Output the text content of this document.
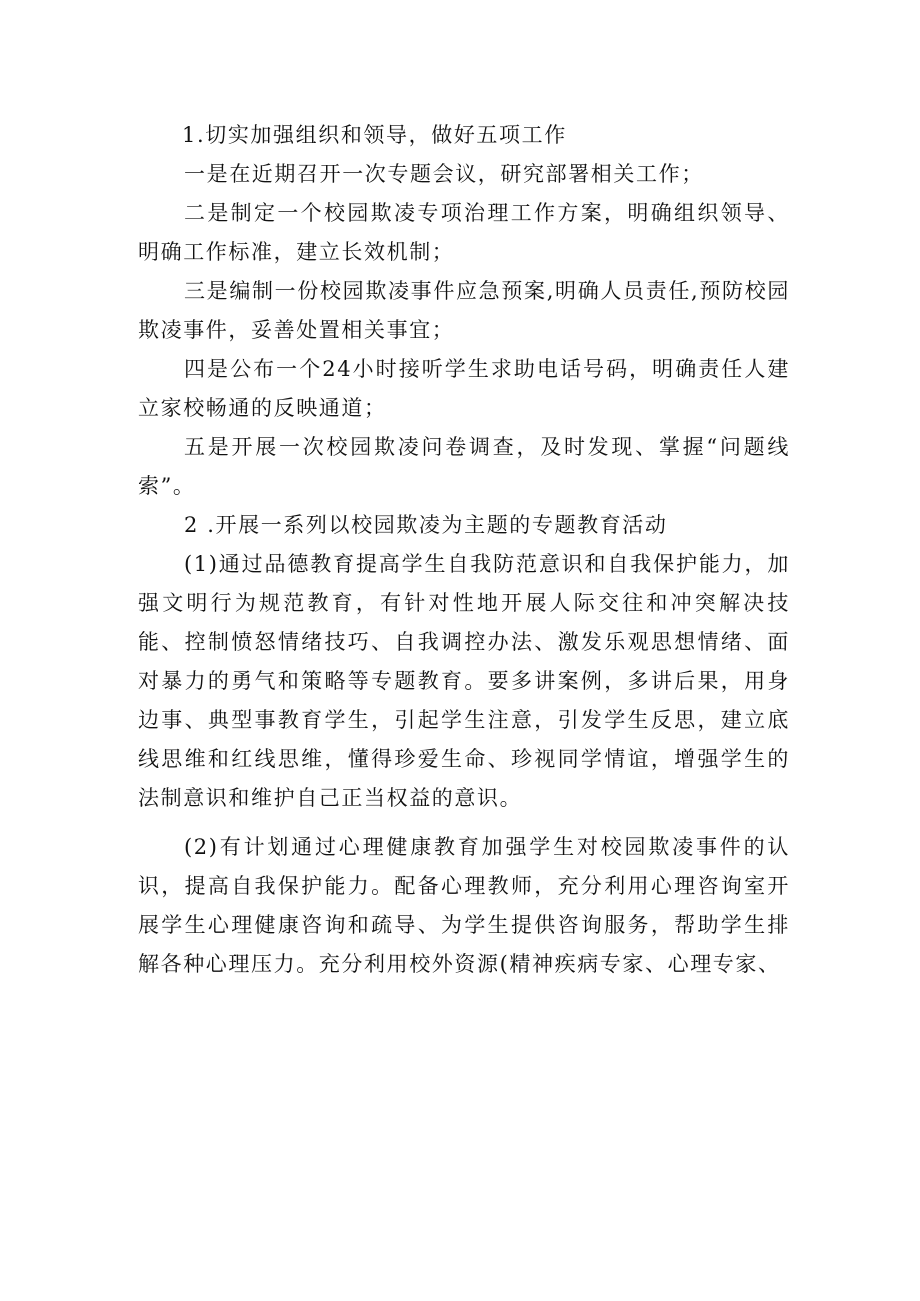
1.切实加强组织和领导，做好五项工作

一是在近期召开一次专题会议，研究部署相关工作；

二是制定一个校园欺凌专项治理工作方案，明确组织领导、明确工作标准，建立长效机制；

三是编制一份校园欺凌事件应急预案,明确人员责任,预防校园欺凌事件，妥善处置相关事宜；

四是公布一个24小时接听学生求助电话号码，明确责任人建立家校畅通的反映通道；

五是开展一次校园欺凌问卷调查，及时发现、掌握“问题线索”。

2 .开展一系列以校园欺凌为主题的专题教育活动

(1)通过品德教育提高学生自我防范意识和自我保护能力，加强文明行为规范教育，有针对性地开展人际交往和冲突解决技能、控制愤怒情绪技巧、自我调控办法、激发乐观思想情绪、面对暴力的勇气和策略等专题教育。要多讲案例，多讲后果，用身边事、典型事教育学生，引起学生注意，引发学生反思，建立底线思维和红线思维，懂得珍爱生命、珍视同学情谊，增强学生的法制意识和维护自己正当权益的意识。

(2)有计划通过心理健康教育加强学生对校园欺凌事件的认识，提高自我保护能力。配备心理教师，充分利用心理咨询室开展学生心理健康咨询和疏导、为学生提供咨询服务，帮助学生排解各种心理压力。充分利用校外资源(精神疾病专家、心理专家、
